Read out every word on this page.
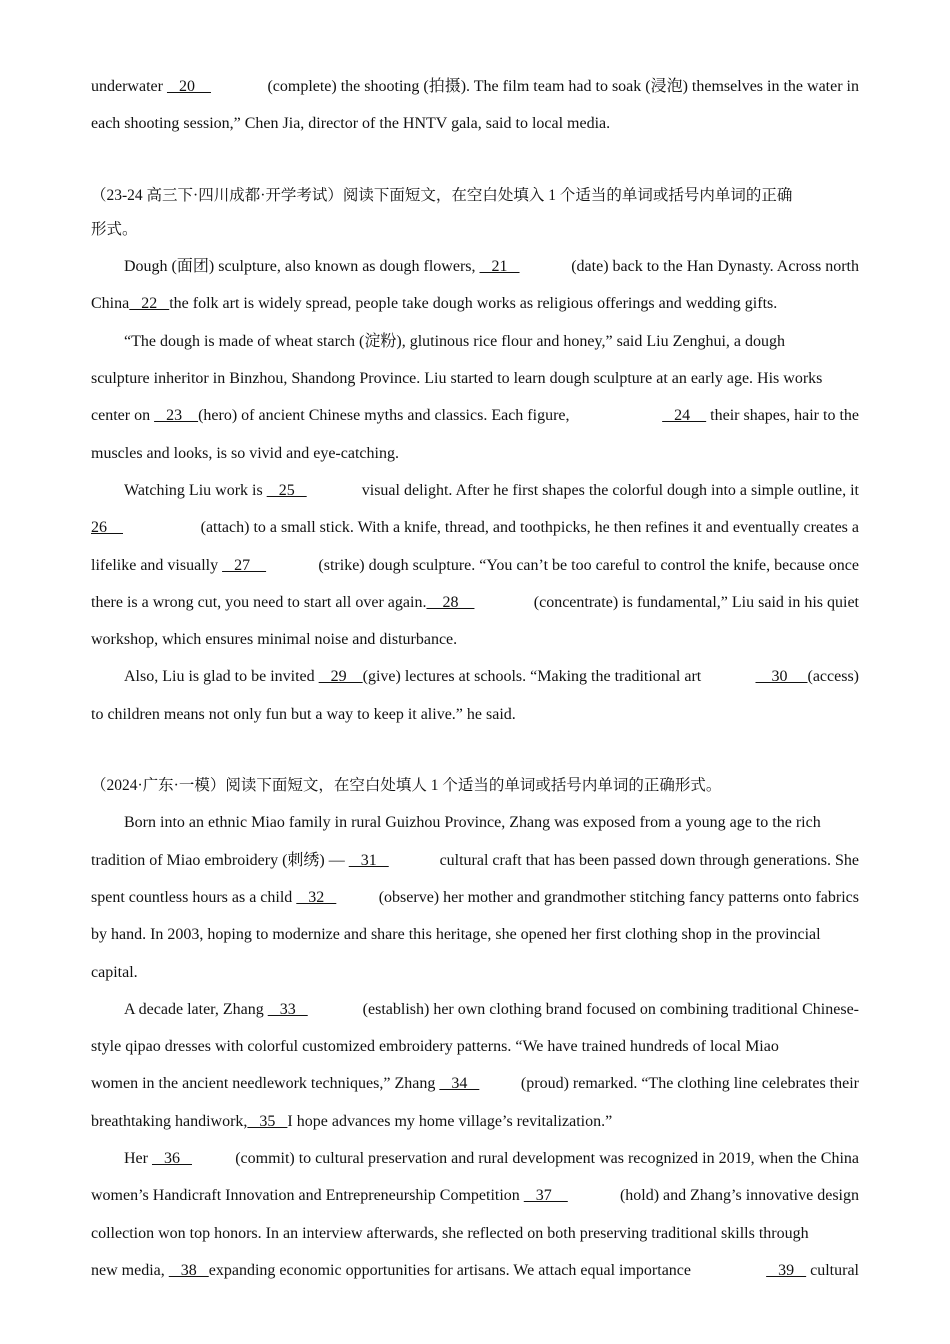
underwater    20	(complete) the shooting (拍摄). The film team had to soak (浸泡) themselves in the water in
each shooting session,” Chen Jia, director of the HNTV gala, said to local media.
（23-24 高三下·四川成都·开学考试）阅读下面短文，在空白处填入 1 个适当的单词或括号内单词的正确
形式。
Dough (面团) sculpture, also known as dough flowers,    21	(date) back to the Han Dynasty. Across north
China 22 the folk art is widely spread, people take dough works as religious offerings and wedding gifts.
“The dough is made of wheat starch (淀粉), glutinous rice flour and honey,” said Liu Zenghui, a dough
sculpture inheritor in Binzhou, Shandong Province. Liu started to learn dough sculpture at an early age. His works
center on    23    (hero) of ancient Chinese myths and classics. Each figure,	24     their shapes, hair to the
muscles and looks, is so vivid and eye-catching.
Watching Liu work is    25	visual delight. After he first shapes the colorful dough into a simple outline, it
26	(attach) to a small stick. With a knife, thread, and toothpicks, he then refines it and eventually creates a
lifelike and visually    27	(strike) dough sculpture. “You can’t be too careful to control the knife, because once
there is a wrong cut, you need to start all over again.    28	(concentrate) is fundamental,” Liu said in his quiet
workshop, which ensures minimal noise and disturbance.
Also, Liu is glad to be invited    29    (give) lectures at schools. “Making the traditional art	30     (access)
to children means not only fun but a way to keep it alive.” he said.
（2024·广东·一模）阅读下面短文，在空白处填人 1 个适当的单词或括号内单词的正确形式。
Born into an ethnic Miao family in rural Guizhou Province, Zhang was exposed from a young age to the rich
tradition of Miao embroidery (刺绣) —    31	cultural craft that has been passed down through generations. She
spent countless hours as a child    32	(observe) her mother and grandmother stitching fancy patterns onto fabrics
by hand. In 2003, hoping to modernize and share this heritage, she opened her first clothing shop in the provincial
capital.
A decade later, Zhang    33	(establish) her own clothing brand focused on combining traditional Chinese-
style qipao dresses with colorful customized embroidery patterns. “We have trained hundreds of local Miao
women in the ancient needlework techniques,” Zhang    34	(proud) remarked. “The clothing line celebrates their
breathtaking handiwork, 35 I hope advances my home village’s revitalization.”
Her    36	(commit) to cultural preservation and rural development was recognized in 2019, when the China
women’s Handicraft Innovation and Entrepreneurship Competition    37	(hold) and Zhang’s innovative design
collection won top honors. In an interview afterwards, she reflected on both preserving traditional skills through
new media,    38   expanding economic opportunities for artisans. We attach equal importance	39    cultural
